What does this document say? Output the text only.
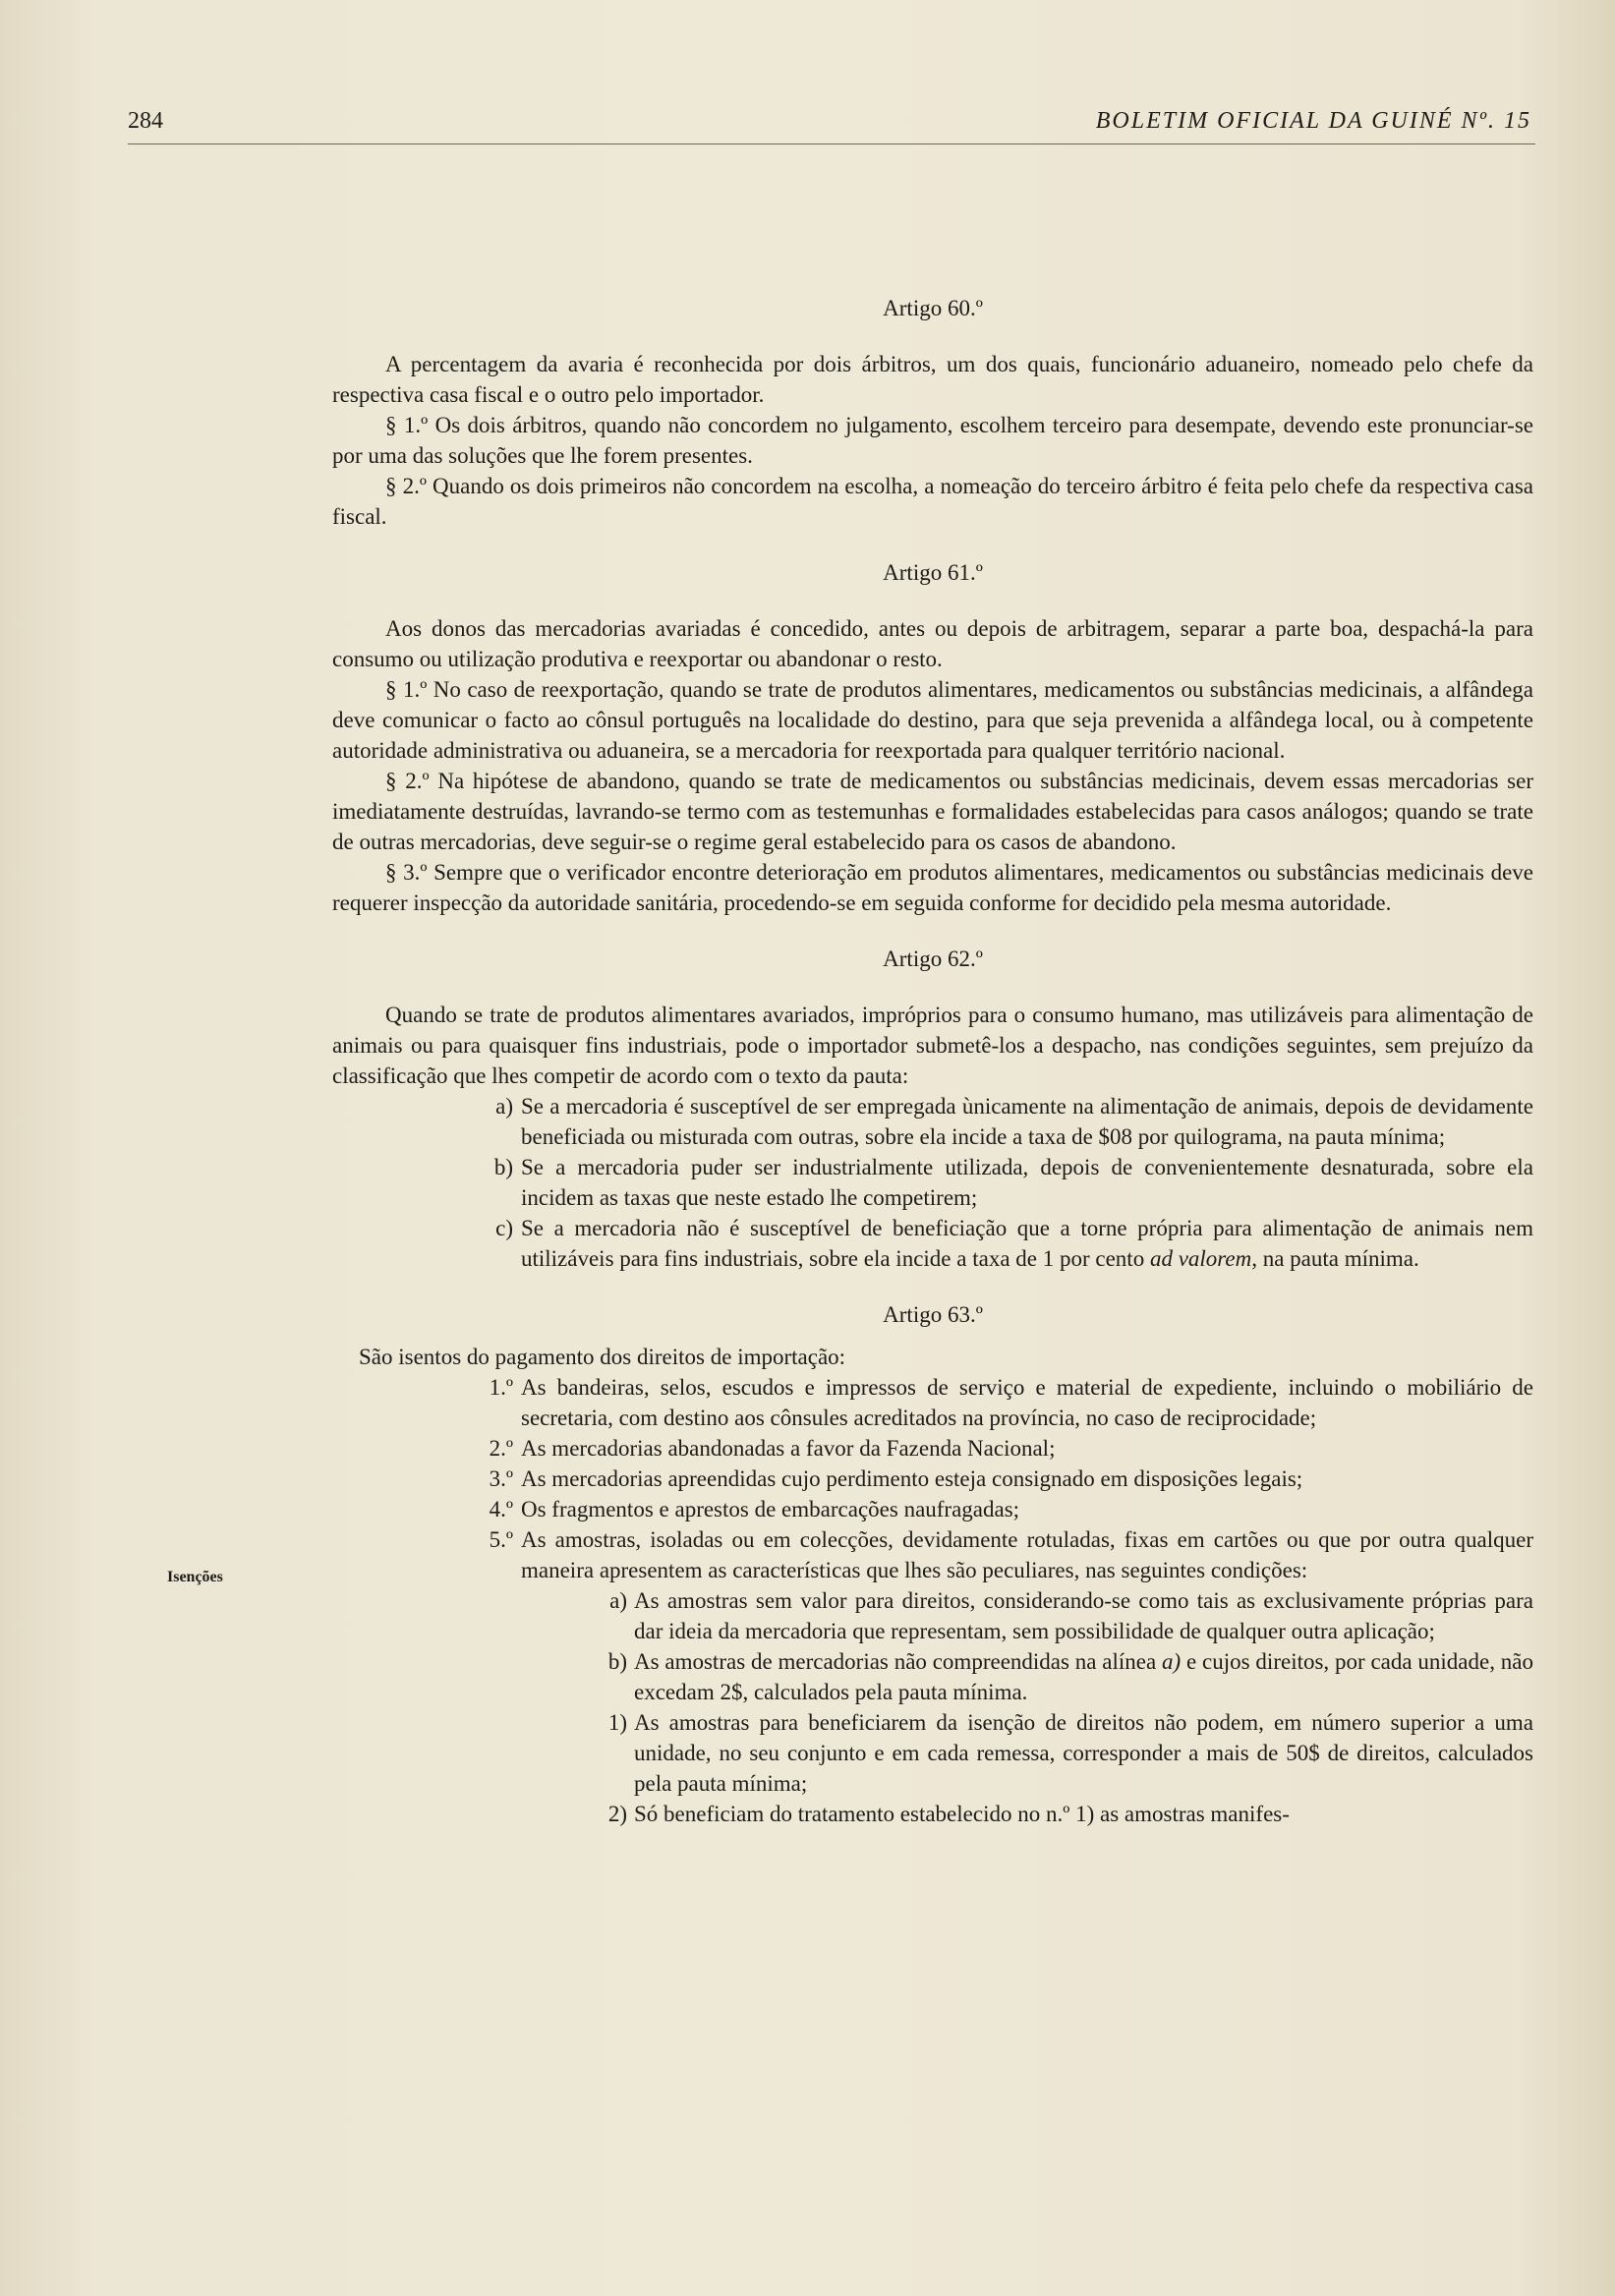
284	BOLETIM OFICIAL DA GUINÉ Nº. 15
Isenções

Artigo 60.º

A percentagem da avaria é reconhecida por dois árbitros, um dos quais, funcionário aduaneiro, nomeado pelo chefe da respectiva casa fiscal e o outro pelo importador.

§ 1.º Os dois árbitros, quando não concordem no julgamento, escolhem terceiro para desempate, devendo este pronunciar-se por uma das soluções que lhe forem presentes.

§ 2.º Quando os dois primeiros não concordem na escolha, a nomeação do terceiro árbitro é feita pelo chefe da respectiva casa fiscal.

Artigo 61.º

Aos donos das mercadorias avariadas é concedido, antes ou depois de arbitragem, separar a parte boa, despachá-la para consumo ou utilização produtiva e reexportar ou abandonar o resto.

§ 1.º No caso de reexportação, quando se trate de produtos alimentares, medicamentos ou substâncias medicinais, a alfândega deve comunicar o facto ao cônsul português na localidade do destino, para que seja prevenida a alfândega local, ou à competente autoridade administrativa ou aduaneira, se a mercadoria for reexportada para qualquer território nacional.

§ 2.º Na hipótese de abandono, quando se trate de medicamentos ou substâncias medicinais, devem essas mercadorias ser imediatamente destruídas, lavrando-se termo com as testemunhas e formalidades estabelecidas para casos análogos; quando se trate de outras mercadorias, deve seguir-se o regime geral estabelecido para os casos de abandono.

§ 3.º Sempre que o verificador encontre deterioração em produtos alimentares, medicamentos ou substâncias medicinais deve requerer inspecção da autoridade sanitária, procedendo-se em seguida conforme for decidido pela mesma autoridade.

Artigo 62.º

Quando se trate de produtos alimentares avariados, impróprios para o consumo humano, mas utilizáveis para alimentação de animais ou para quaisquer fins industriais, pode o importador submetê-los a despacho, nas condições seguintes, sem prejuízo da classificação que lhes competir de acordo com o texto da pauta:

a) Se a mercadoria é susceptível de ser empregada ùnicamente na alimentação de animais, depois de devidamente beneficiada ou misturada com outras, sobre ela incide a taxa de $08 por quilograma, na pauta mínima;
b) Se a mercadoria puder ser industrialmente utilizada, depois de convenientemente desnaturada, sobre ela incidem as taxas que neste estado lhe competirem;
c) Se a mercadoria não é susceptível de beneficiação que a torne própria para alimentação de animais nem utilizáveis para fins industriais, sobre ela incide a taxa de 1 por cento ad valorem, na pauta mínima.

Artigo 63.º

São isentos do pagamento dos direitos de importação:

1.º As bandeiras, selos, escudos e impressos de serviço e material de expediente, incluindo o mobiliário de secretaria, com destino aos cônsules acreditados na província, no caso de reciprocidade;
2.º As mercadorias abandonadas a favor da Fazenda Nacional;
3.º As mercadorias apreendidas cujo perdimento esteja consignado em disposições legais;
4.º Os fragmentos e aprestos de embarcações naufragadas;
5.º As amostras, isoladas ou em colecções, devidamente rotuladas, fixas em cartões ou que por outra qualquer maneira apresentem as características que lhes são peculiares, nas seguintes condições:
a) As amostras sem valor para direitos, considerando-se como tais as exclusivamente próprias para dar ideia da mercadoria que representam, sem possibilidade de qualquer outra aplicação;
b) As amostras de mercadorias não compreendidas na alínea a) e cujos direitos, por cada unidade, não excedam 2$, calculados pela pauta mínima.
1) As amostras para beneficiarem da isenção de direitos não podem, em número superior a uma unidade, no seu conjunto e em cada remessa, corresponder a mais de 50$ de direitos, calculados pela pauta mínima;
2) Só beneficiam do tratamento estabelecido no n.º 1) as amostras manifes-
